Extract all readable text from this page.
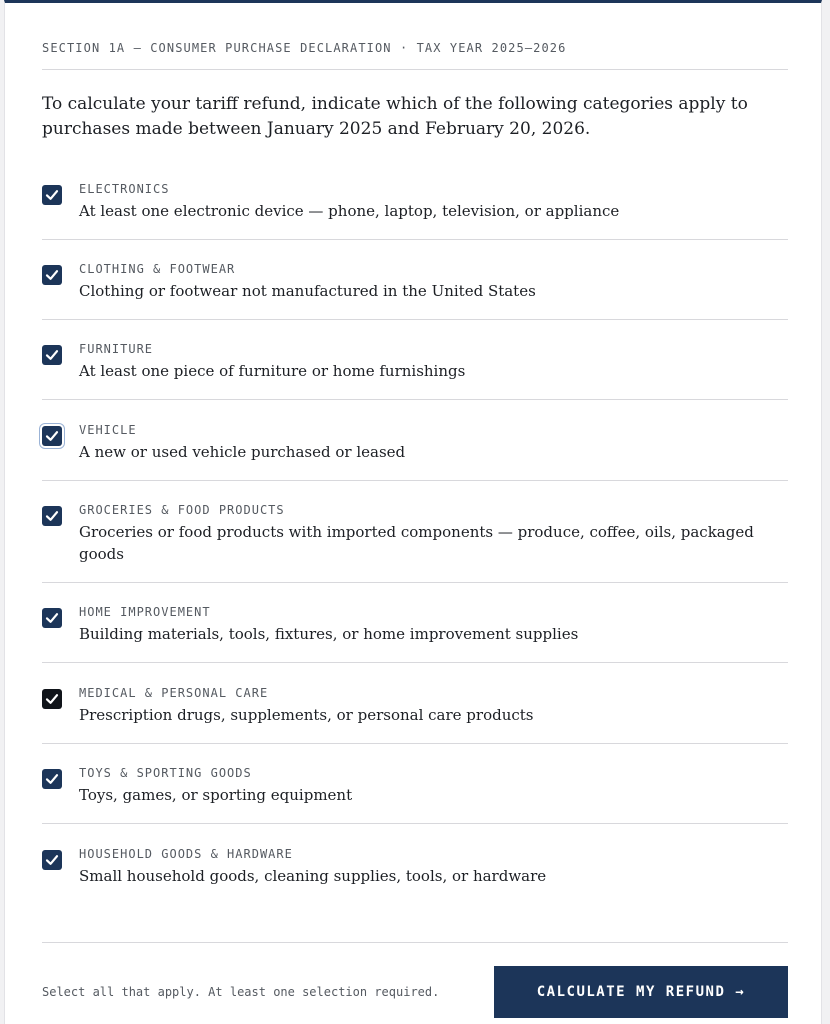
SECTION 1A — CONSUMER PURCHASE DECLARATION · TAX YEAR 2025–2026
To calculate your tariff refund, indicate which of the following categories apply to purchases made between January 2025 and February 20, 2026.
ELECTRONICS
At least one electronic device — phone, laptop, television, or appliance
CLOTHING & FOOTWEAR
Clothing or footwear not manufactured in the United States
FURNITURE
At least one piece of furniture or home furnishings
VEHICLE
A new or used vehicle purchased or leased
GROCERIES & FOOD PRODUCTS
Groceries or food products with imported components — produce, coffee, oils, packaged goods
HOME IMPROVEMENT
Building materials, tools, fixtures, or home improvement supplies
MEDICAL & PERSONAL CARE
Prescription drugs, supplements, or personal care products
TOYS & SPORTING GOODS
Toys, games, or sporting equipment
HOUSEHOLD GOODS & HARDWARE
Small household goods, cleaning supplies, tools, or hardware
Select all that apply. At least one selection required.	CALCULATE MY REFUND →
